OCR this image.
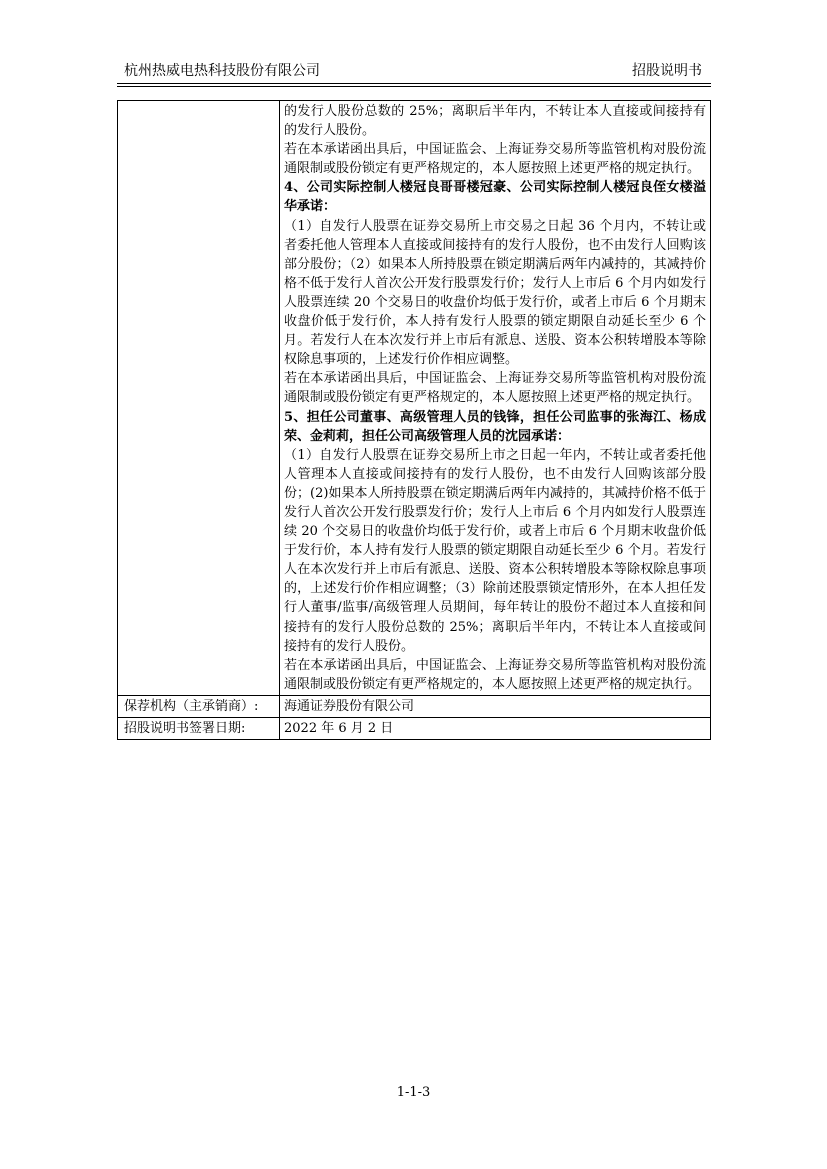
杭州热威电热科技股份有限公司	招股说明书

的发行人股份总数的 25%；离职后半年内，不转让本人直接或间接持有的发行人股份。

若在本承诺函出具后，中国证监会、上海证券交易所等监管机构对股份流通限制或股份锁定有更严格规定的，本人愿按照上述更严格的规定执行。

4、公司实际控制人楼冠良哥哥楼冠豪、公司实际控制人楼冠良侄女楼溢华承诺：

（1）自发行人股票在证券交易所上市交易之日起 36 个月内，不转让或者委托他人管理本人直接或间接持有的发行人股份，也不由发行人回购该部分股份；（2）如果本人所持股票在锁定期满后两年内减持的，其减持价格不低于发行人首次公开发行股票发行价；发行人上市后 6 个月内如发行人股票连续 20 个交易日的收盘价均低于发行价，或者上市后 6 个月期末收盘价低于发行价，本人持有发行人股票的锁定期限自动延长至少 6 个月。若发行人在本次发行并上市后有派息、送股、资本公积转增股本等除权除息事项的，上述发行价作相应调整。

若在本承诺函出具后，中国证监会、上海证券交易所等监管机构对股份流通限制或股份锁定有更严格规定的，本人愿按照上述更严格的规定执行。

5、担任公司董事、高级管理人员的钱锋，担任公司监事的张海江、杨成荣、金莉莉，担任公司高级管理人员的沈园承诺：

（1）自发行人股票在证券交易所上市之日起一年内，不转让或者委托他人管理本人直接或间接持有的发行人股份，也不由发行人回购该部分股份；(2)如果本人所持股票在锁定期满后两年内减持的，其减持价格不低于发行人首次公开发行股票发行价；发行人上市后 6 个月内如发行人股票连续 20 个交易日的收盘价均低于发行价，或者上市后 6 个月期末收盘价低于发行价，本人持有发行人股票的锁定期限自动延长至少 6 个月。若发行人在本次发行并上市后有派息、送股、资本公积转增股本等除权除息事项的，上述发行价作相应调整；（3）除前述股票锁定情形外，在本人担任发行人董事/监事/高级管理人员期间，每年转让的股份不超过本人直接和间接持有的发行人股份总数的 25%；离职后半年内，不转让本人直接或间接持有的发行人股份。

若在本承诺函出具后，中国证监会、上海证券交易所等监管机构对股份流通限制或股份锁定有更严格规定的，本人愿按照上述更严格的规定执行。

保荐机构（主承销商）:	海通证券股份有限公司
招股说明书签署日期:	2022 年 6 月 2 日
1-1-3
